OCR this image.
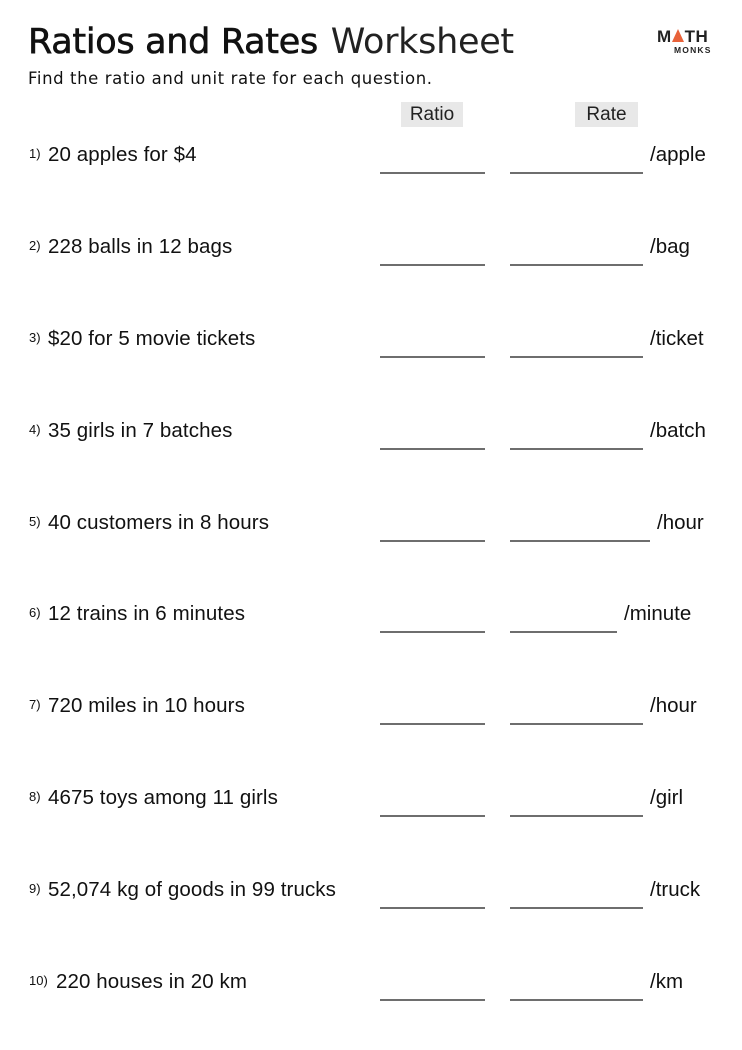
Ratios and Rates Worksheet
Find the ratio and unit rate for each question.
M TH
MONKS
Ratio	Rate
1) 20 apples for $4	/apple
2) 228 balls in 12 bags	/bag
3) $20 for 5 movie tickets	/ticket
4) 35 girls in 7 batches	/batch
5) 40 customers in 8 hours	/hour
6) 12 trains in 6 minutes	/minute
7) 720 miles in 10 hours	/hour
8) 4675 toys among 11 girls	/girl
9) 52,074 kg of goods in 99 trucks	/truck
10) 220 houses in 20 km	/km
